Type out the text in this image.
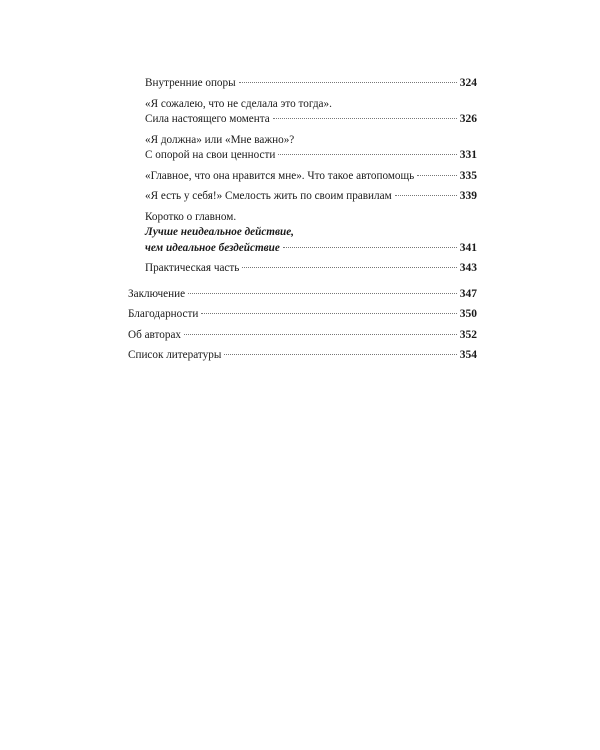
Внутренние опоры	324
«Я сожалею, что не сделала это тогда».
Сила настоящего момента	326
«Я должна» или «Мне важно»?
С опорой на свои ценности	331
«Главное, что она нравится мне». Что такое автопомощь	335
«Я есть у себя!» Смелость жить по своим правилам	339
Коротко о главном.
Лучше неидеальное действие,
чем идеальное бездействие	341
Практическая часть	343
Заключение	347
Благодарности	350
Об авторах	352
Список литературы	354
